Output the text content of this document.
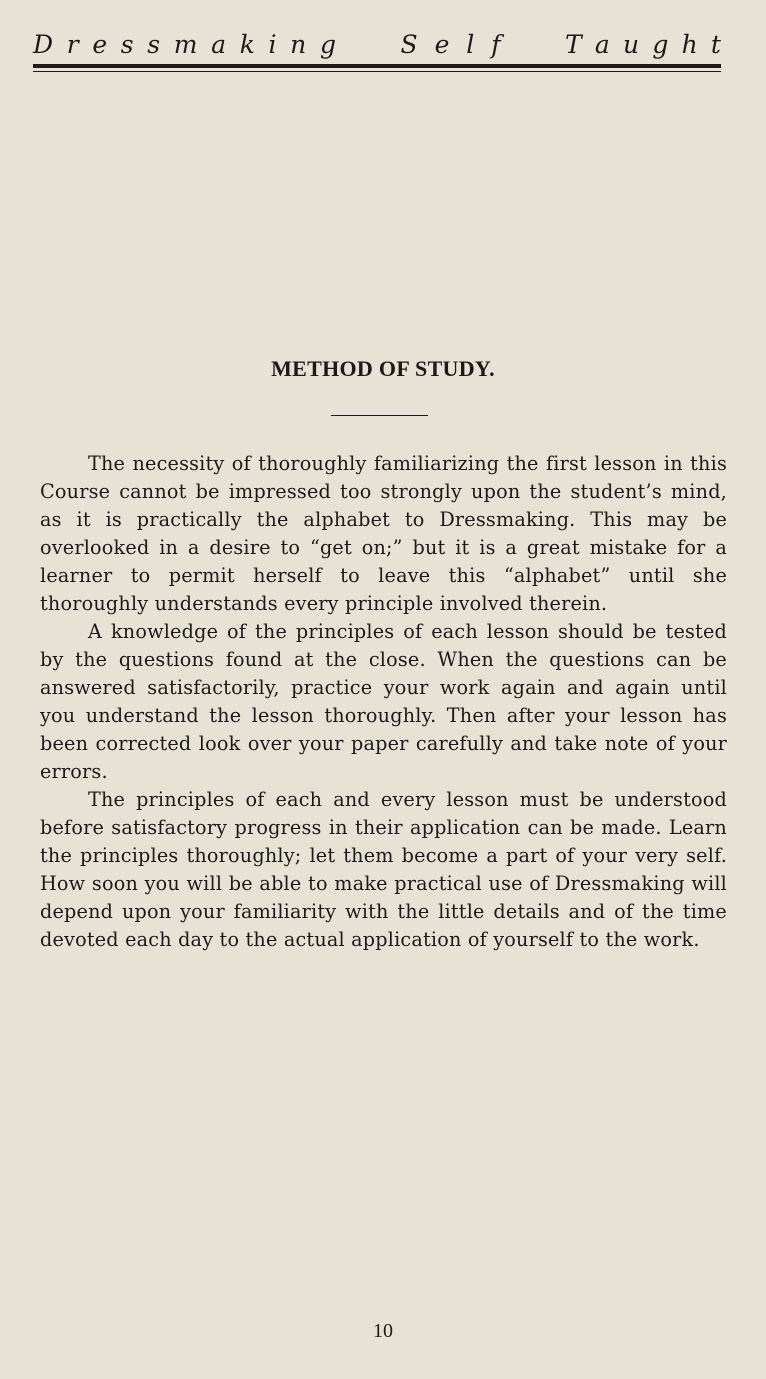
D r e s s m a k i n g	S e l f	T a u g h t
METHOD OF STUDY.

The necessity of thoroughly familiarizing the first lesson in this Course cannot be impressed too strongly upon the student’s mind, as it is practically the alphabet to Dressmaking. This may be overlooked in a desire to “get on;” but it is a great mistake for a learner to permit herself to leave this “alphabet” until she thoroughly understands every principle involved therein.

A knowledge of the principles of each lesson should be tested by the questions found at the close. When the questions can be answered satisfactorily, practice your work again and again until you understand the lesson thoroughly. Then after your lesson has been corrected look over your paper carefully and take note of your errors.

The principles of each and every lesson must be understood before satisfactory progress in their application can be made. Learn the principles thoroughly; let them become a part of your very self. How soon you will be able to make practical use of Dressmaking will depend upon your familiarity with the little details and of the time devoted each day to the actual application of yourself to the work.

10
